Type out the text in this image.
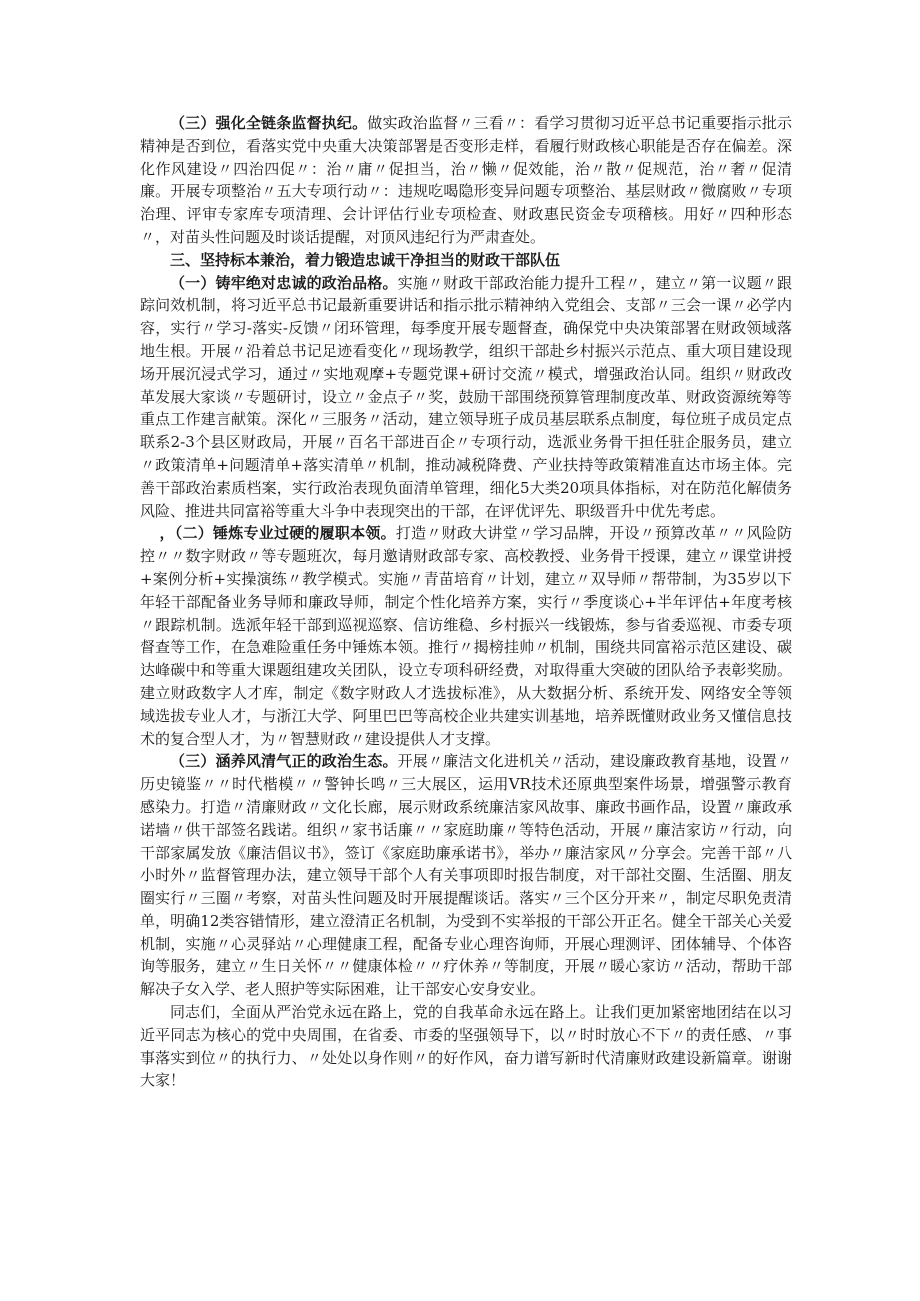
（三）强化全链条监督执纪。做实政治监督〃三看〃：看学习贯彻习近平总书记重要指示批示精神是否到位，看落实党中央重大决策部署是否变形走样，看履行财政核心职能是否存在偏差。深化作风建设〃四治四促〃：治〃庸〃促担当，治〃懒〃促效能，治〃散〃促规范，治〃奢〃促清廉。开展专项整治〃五大专项行动〃：违规吃喝隐形变异问题专项整治、基层财政〃微腐败〃专项治理、评审专家库专项清理、会计评估行业专项检查、财政惠民资金专项稽核。用好〃四种形态〃，对苗头性问题及时谈话提醒，对顶风违纪行为严肃查处。

三、坚持标本兼治，着力锻造忠诚干净担当的财政干部队伍

（一）铸牢绝对忠诚的政治品格。实施〃财政干部政治能力提升工程〃，建立〃第一议题〃跟踪问效机制，将习近平总书记最新重要讲话和指示批示精神纳入党组会、支部〃三会一课〃必学内容，实行〃学习-落实-反馈〃闭环管理，每季度开展专题督查，确保党中央决策部署在财政领域落地生根。开展〃沿着总书记足迹看变化〃现场教学，组织干部赴乡村振兴示范点、重大项目建设现场开展沉浸式学习，通过〃实地观摩+专题党课+研讨交流〃模式，增强政治认同。组织〃财政改革发展大家谈〃专题研讨，设立〃金点子〃奖，鼓励干部围绕预算管理制度改革、财政资源统筹等重点工作建言献策。深化〃三服务〃活动，建立领导班子成员基层联系点制度，每位班子成员定点联系2-3个县区财政局，开展〃百名干部进百企〃专项行动，选派业务骨干担任驻企服务员，建立〃政策清单+问题清单+落实清单〃机制，推动减税降费、产业扶持等政策精准直达市场主体。完善干部政治素质档案，实行政治表现负面清单管理，细化5大类20项具体指标，对在防范化解债务风险、推进共同富裕等重大斗争中表现突出的干部，在评优评先、职级晋升中优先考虑。

，（二）锤炼专业过硬的履职本领。打造〃财政大讲堂〃学习品牌，开设〃预算改革〃〃风险防控〃〃数字财政〃等专题班次，每月邀请财政部专家、高校教授、业务骨干授课，建立〃课堂讲授+案例分析+实操演练〃教学模式。实施〃青苗培育〃计划，建立〃双导师〃帮带制，为35岁以下年轻干部配备业务导师和廉政导师，制定个性化培养方案，实行〃季度谈心+半年评估+年度考核〃跟踪机制。选派年轻干部到巡视巡察、信访维稳、乡村振兴一线锻炼，参与省委巡视、市委专项督查等工作，在急难险重任务中锤炼本领。推行〃揭榜挂帅〃机制，围绕共同富裕示范区建设、碳达峰碳中和等重大课题组建攻关团队，设立专项科研经费，对取得重大突破的团队给予表彰奖励。建立财政数字人才库，制定《数字财政人才选拔标准》，从大数据分析、系统开发、网络安全等领域选拔专业人才，与浙江大学、阿里巴巴等高校企业共建实训基地，培养既懂财政业务又懂信息技术的复合型人才，为〃智慧财政〃建设提供人才支撑。

（三）涵养风清气正的政治生态。开展〃廉洁文化进机关〃活动，建设廉政教育基地，设置〃历史镜鉴〃〃时代楷模〃〃警钟长鸣〃三大展区，运用VR技术还原典型案件场景，增强警示教育感染力。打造〃清廉财政〃文化长廊，展示财政系统廉洁家风故事、廉政书画作品，设置〃廉政承诺墙〃供干部签名践诺。组织〃家书话廉〃〃家庭助廉〃等特色活动，开展〃廉洁家访〃行动，向干部家属发放《廉洁倡议书》，签订《家庭助廉承诺书》，举办〃廉洁家风〃分享会。完善干部〃八小时外〃监督管理办法，建立领导干部个人有关事项即时报告制度，对干部社交圈、生活圈、朋友圈实行〃三圈〃考察，对苗头性问题及时开展提醒谈话。落实〃三个区分开来〃，制定尽职免责清单，明确12类容错情形，建立澄清正名机制，为受到不实举报的干部公开正名。健全干部关心关爱机制，实施〃心灵驿站〃心理健康工程，配备专业心理咨询师，开展心理测评、团体辅导、个体咨询等服务，建立〃生日关怀〃〃健康体检〃〃疗休养〃等制度，开展〃暖心家访〃活动，帮助干部解决子女入学、老人照护等实际困难，让干部安心安身安业。

同志们，全面从严治党永远在路上，党的自我革命永远在路上。让我们更加紧密地团结在以习近平同志为核心的党中央周围，在省委、市委的坚强领导下，以〃时时放心不下〃的责任感、〃事事落实到位〃的执行力、〃处处以身作则〃的好作风，奋力谱写新时代清廉财政建设新篇章。谢谢大家！
